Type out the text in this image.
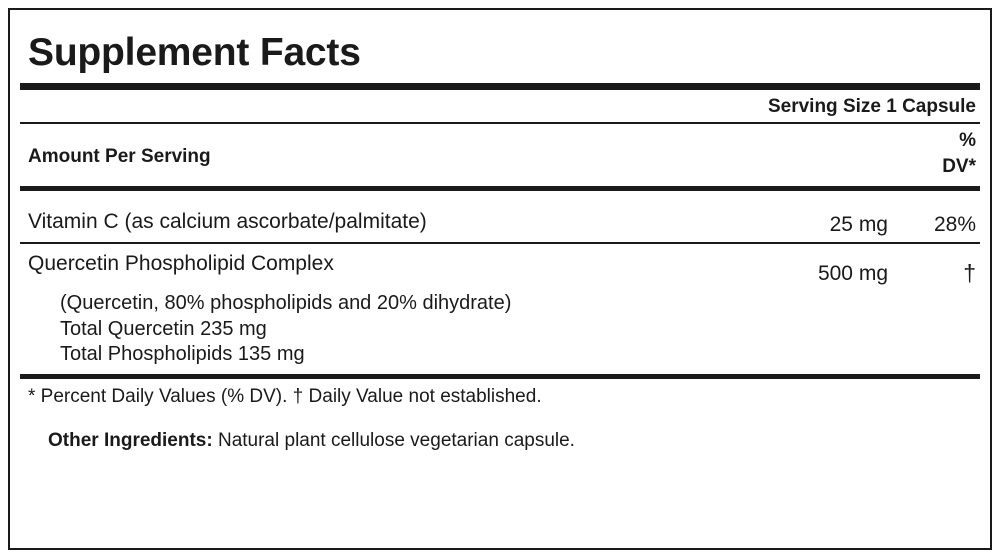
Supplement Facts
Serving Size 1 Capsule
Amount Per Serving
%
DV*
Vitamin C (as calcium ascorbate/palmitate)	25 mg	28%
Quercetin Phospholipid Complex	500 mg	†
(Quercetin, 80% phospholipids and 20% dihydrate)
Total Quercetin 235 mg
Total Phospholipids 135 mg
* Percent Daily Values (% DV). † Daily Value not established.
Other Ingredients: Natural plant cellulose vegetarian capsule.
